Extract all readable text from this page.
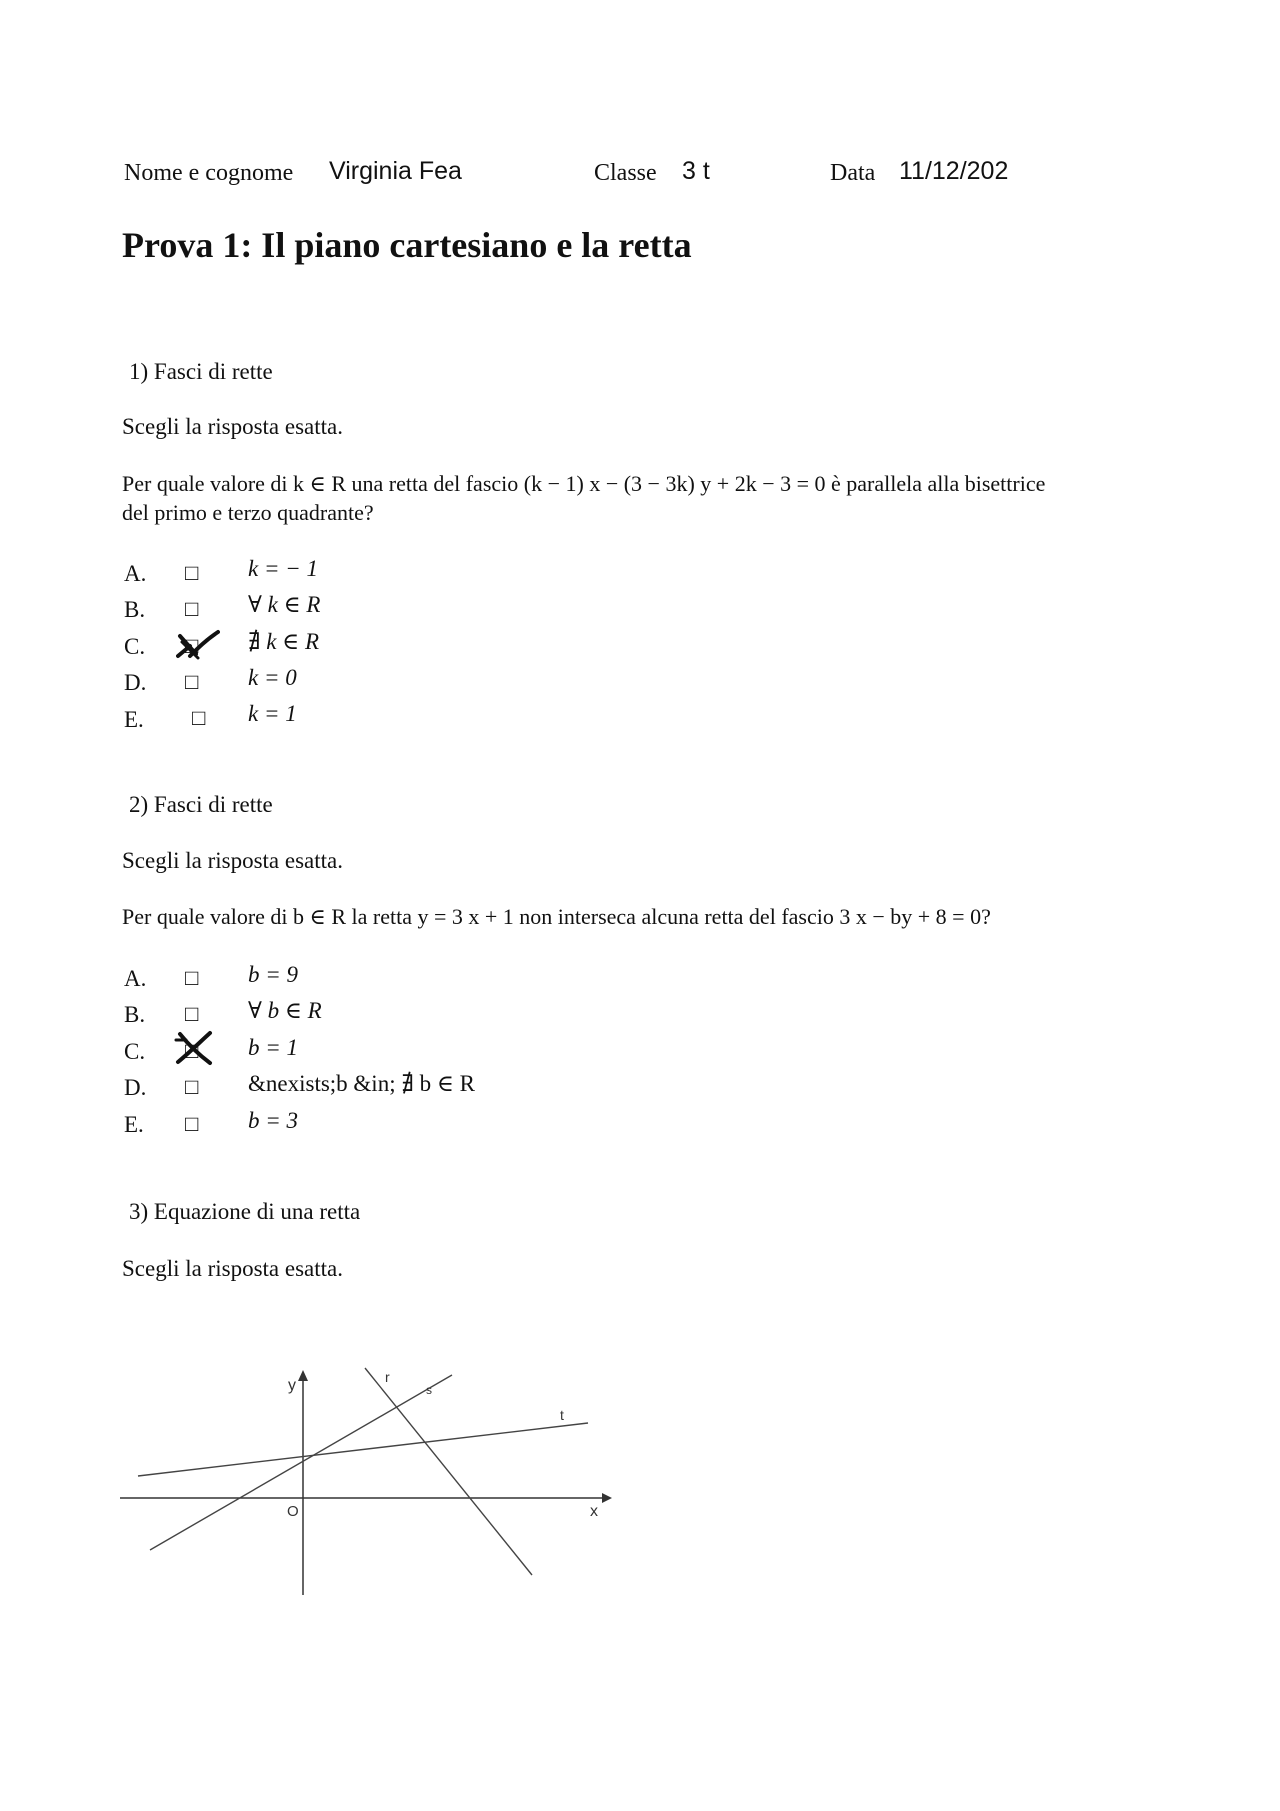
Nome e cognome Virginia Fea	Classe 3 t	Data 11/12/202
Prova 1: Il piano cartesiano e la retta
1) Fasci di rette
Scegli la risposta esatta.
Per quale valore di k ∈ R una retta del fascio (k − 1) x − (3 − 3k) y + 2k − 3 = 0 è parallela alla bisettrice
del primo e terzo quadrante?
A. □ k = − 1
B. □ ∀ k ∈ R
C. □ ∄ k ∈ R
D. □ k = 0
E. □ k = 1
2) Fasci di rette
Scegli la risposta esatta.
Per quale valore di b ∈ R la retta y = 3 x + 1 non interseca alcuna retta del fascio 3 x − by + 8 = 0?
A. □ b = 9
B. □ ∀ b ∈ R
C. □ b = 1
D. □ &nexists;b &in; ∄ b ∈ R
E. □ b = 3
3) Equazione di una retta
Scegli la risposta esatta.
y
x
O
r
s
t
